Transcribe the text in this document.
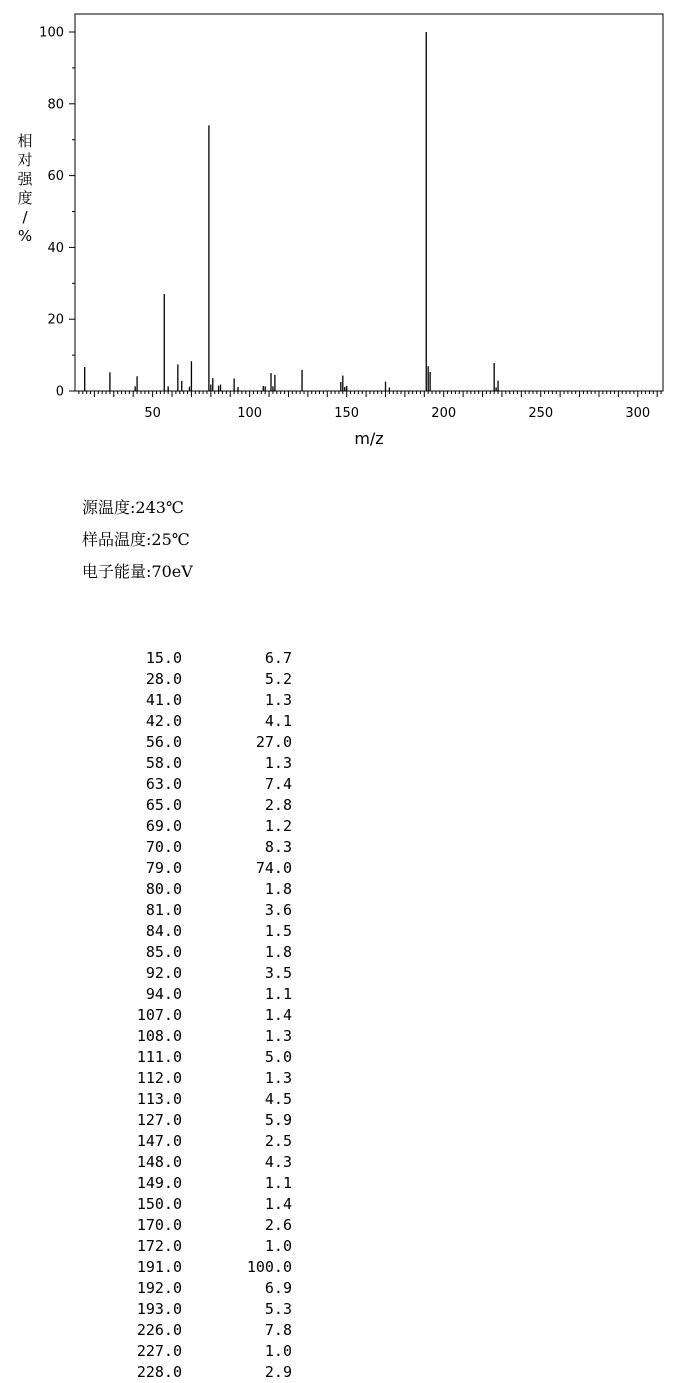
50	100	150	200	250	300
0
20
40
60
80
100
m/z
相
对
强
度
/
%
源温度:243℃
样品温度:25℃
电子能量:70eV
15.0	6.7
28.0	5.2
41.0	1.3
42.0	4.1
56.0	27.0
58.0	1.3
63.0	7.4
65.0	2.8
69.0	1.2
70.0	8.3
79.0	74.0
80.0	1.8
81.0	3.6
84.0	1.5
85.0	1.8
92.0	3.5
94.0	1.1
107.0	1.4
108.0	1.3
111.0	5.0
112.0	1.3
113.0	4.5
127.0	5.9
147.0	2.5
148.0	4.3
149.0	1.1
150.0	1.4
170.0	2.6
172.0	1.0
191.0	100.0
192.0	6.9
193.0	5.3
226.0	7.8
227.0	1.0
228.0	2.9
